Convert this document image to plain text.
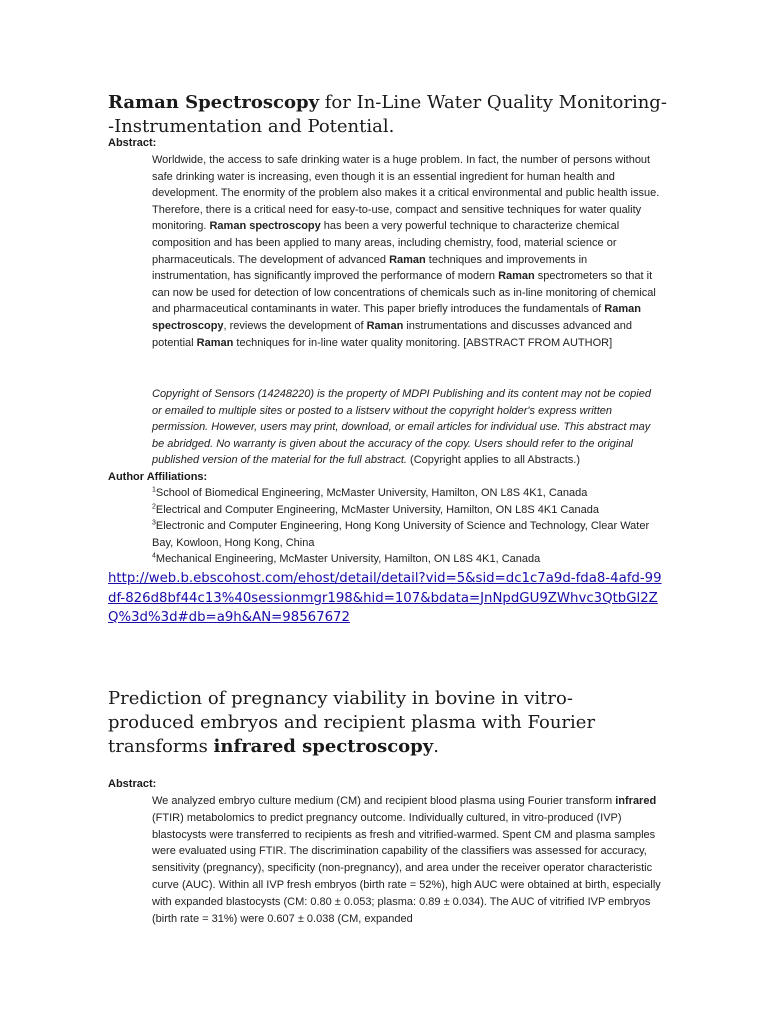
Raman Spectroscopy for In-Line Water Quality Monitoring--Instrumentation and Potential.

Abstract:

Worldwide, the access to safe drinking water is a huge problem. In fact, the number of persons without safe drinking water is increasing, even though it is an essential ingredient for human health and development. The enormity of the problem also makes it a critical environmental and public health issue. Therefore, there is a critical need for easy-to-use, compact and sensitive techniques for water quality monitoring. Raman spectroscopy has been a very powerful technique to characterize chemical composition and has been applied to many areas, including chemistry, food, material science or pharmaceuticals. The development of advanced Raman techniques and improvements in instrumentation, has significantly improved the performance of modern Raman spectrometers so that it can now be used for detection of low concentrations of chemicals such as in-line monitoring of chemical and pharmaceutical contaminants in water. This paper briefly introduces the fundamentals of Raman spectroscopy, reviews the development of Raman instrumentations and discusses advanced and potential Raman techniques for in-line water quality monitoring. [ABSTRACT FROM AUTHOR]

Copyright of Sensors (14248220) is the property of MDPI Publishing and its content may not be copied or emailed to multiple sites or posted to a listserv without the copyright holder's express written permission. However, users may print, download, or email articles for individual use. This abstract may be abridged. No warranty is given about the accuracy of the copy. Users should refer to the original published version of the material for the full abstract. (Copyright applies to all Abstracts.)

Author Affiliations:

$^1$School of Biomedical Engineering, McMaster University, Hamilton, ON L8S 4K1, Canada

$^2$Electrical and Computer Engineering, McMaster University, Hamilton, ON L8S 4K1 Canada

$^3$Electronic and Computer Engineering, Hong Kong University of Science and Technology, Clear Water Bay, Kowloon, Hong Kong, China

$^4$Mechanical Engineering, McMaster University, Hamilton, ON L8S 4K1, Canada

http://web.b.ebscohost.com/ehost/detail/detail?vid=5&sid=dc1c7a9d-fda8-4afd-99df-826d8bf44c13%40sessionmgr198&hid=107&bdata=JnNpdGU9ZWhvc3QtbGl2ZQ%3d%3d#db=a9h&AN=98567672
Prediction of pregnancy viability in bovine in vitro-produced embryos and recipient plasma with Fourier transforms infrared spectroscopy.

Abstract:

We analyzed embryo culture medium (CM) and recipient blood plasma using Fourier transform infrared (FTIR) metabolomics to predict pregnancy outcome. Individually cultured, in vitro-produced (IVP) blastocysts were transferred to recipients as fresh and vitrified-warmed. Spent CM and plasma samples were evaluated using FTIR. The discrimination capability of the classifiers was assessed for accuracy, sensitivity (pregnancy), specificity (non-pregnancy), and area under the receiver operator characteristic curve (AUC). Within all IVP fresh embryos (birth rate = 52%), high AUC were obtained at birth, especially with expanded blastocysts (CM: 0.80 ± 0.053; plasma: 0.89 ± 0.034). The AUC of vitrified IVP embryos (birth rate = 31%) were 0.607 ± 0.038 (CM, expanded
